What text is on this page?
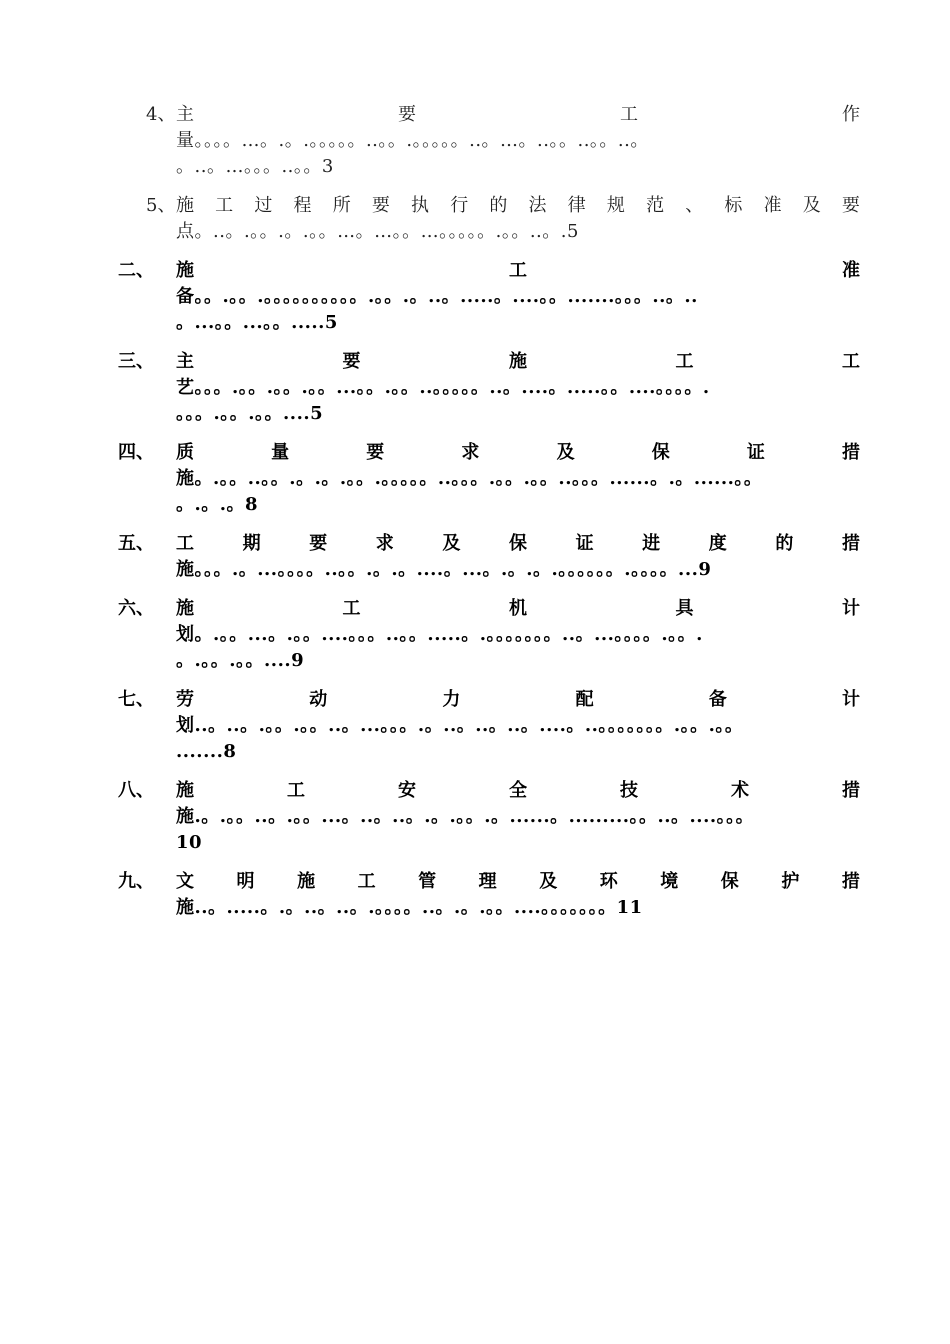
4、 主	要	工	作
量。。。。…。.。.。。。。。..。。.。。。。。..。…。..。。..。。..。
。..。…。。。..。。3
5、 施 工 过 程 所 要 执 行 的 法 律 规 范 、 标 准 及 要
点。..。.。。.。.。。…。…。。…。。。。。.。。..。.5
二、 施	工	准
备。。.。。.。。。。。。。。。。.。。.。..。.....。....。。.......。。。..。..
。...。。...。。.....5
三、 主	要	施	工	工
艺。。。.。。.。。.。。...。。.。。..。。。。。..。....。.....。。....。。。。.
。。。.。。.。。....5
四、 质	量	要	求	及	保	证	措
施。.。。..。。.。.。.。。.。。。。。..。。。.。。.。。..。。。......。.。......。。
。.。.。8
五、 工	期	要	求	及	保	证	进	度	的	措
施。。。.。...。。。。..。。.。.。....。...。.。.。.。。。。。。.。。。。...9
六、 施	工	机	具	计
划。.。。...。.。。....。。。..。。.....。.。。。。。。。..。...。。。。.。。.
。.。。.。。....9
七、 劳	动	力	配	备	计
划..。..。.。。.。。..。...。。。.。..。..。..。....。..。。。。。。。.。。.。。
.......8
八、 施	工	安	全	技	术	措
施.。.。。..。.。。...。..。..。.。.。。.。......。.........。。..。....。。。
10
九、 文 明 施 工 管 理 及 环 境 保 护 措
施..。.....。.。..。..。.。。。。..。.。.。。....。。。。。。。11
